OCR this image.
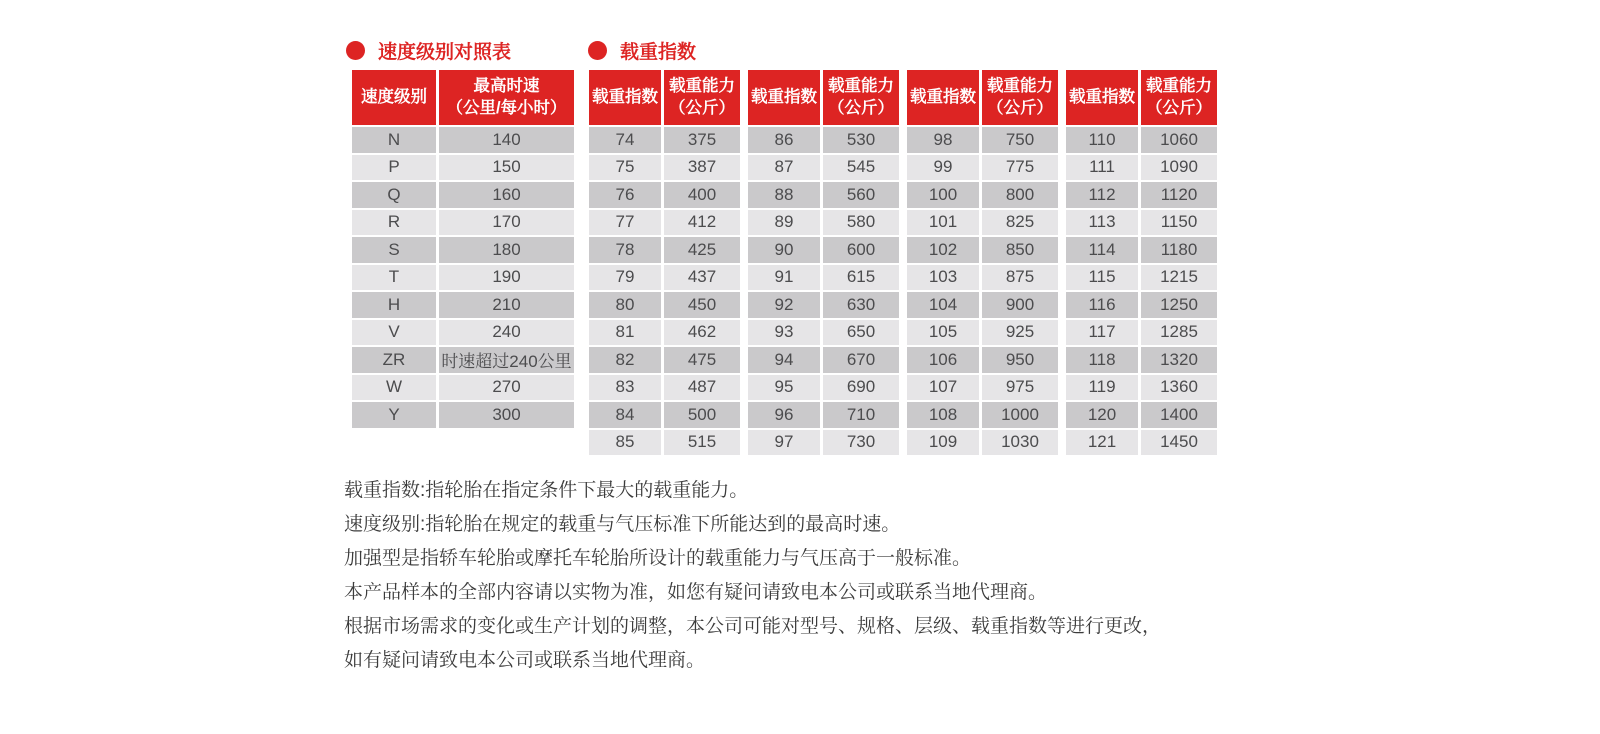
速度级别对照表	载重指数
速度级别	最高时速
（公里/每小时）

N	140
P	150
Q	160
R	170
S	180
T	190
H	210
V	240
ZR	时速超过240公里
W	270
Y	300
载重指数	载重能力
（公斤）

74	375
75	387
76	400
77	412
78	425
79	437
80	450
81	462
82	475
83	487
84	500
85	515
载重指数	载重能力
（公斤）

86	530
87	545
88	560
89	580
90	600
91	615
92	630
93	650
94	670
95	690
96	710
97	730
载重指数	载重能力
（公斤）

98	750
99	775
100	800
101	825
102	850
103	875
104	900
105	925
106	950
107	975
108	1000
109	1030
载重指数	载重能力
（公斤）

110	1060
111	1090
112	1120
113	1150
114	1180
115	1215
116	1250
117	1285
118	1320
119	1360
120	1400
121	1450
载重指数:指轮胎在指定条件下最大的载重能力。
速度级别:指轮胎在规定的载重与气压标准下所能达到的最高时速。
加强型是指轿车轮胎或摩托车轮胎所设计的载重能力与气压高于一般标准。
本产品样本的全部内容请以实物为准，如您有疑问请致电本公司或联系当地代理商。
根据市场需求的变化或生产计划的调整，本公司可能对型号、规格、层级、载重指数等进行更改，
如有疑问请致电本公司或联系当地代理商。
